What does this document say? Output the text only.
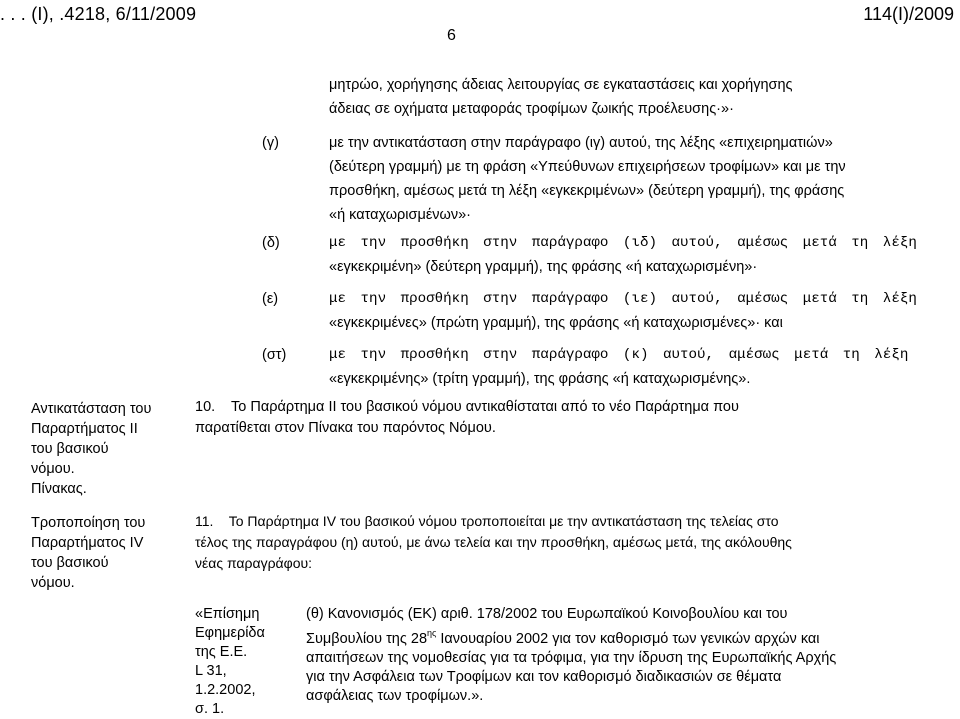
. . . (Ι), .4218, 6/11/2009	114(Ι)/2009
6
μητρώο, χορήγησης άδειας λειτουργίας σε εγκαταστάσεις και χορήγησης
άδειας σε οχήματα μεταφοράς τροφίμων ζωικής προέλευσης·»·
(γ)	με την αντικατάσταση στην παράγραφο (ιγ) αυτού, της λέξης «επιχειρηματιών»
(δεύτερη γραμμή) με τη φράση «Υπεύθυνων επιχειρήσεων τροφίμων» και με την
προσθήκη, αμέσως μετά τη λέξη «εγκεκριμένων» (δεύτερη γραμμή), της φράσης
«ή καταχωρισμένων»·
(δ)	με την προσθήκη στην παράγραφο (ιδ) αυτού, αμέσως μετά τη λέξη
«εγκεκριμένη» (δεύτερη γραμμή), της φράσης «ή καταχωρισμένη»·
(ε)	με την προσθήκη στην παράγραφο (ιε) αυτού, αμέσως μετά τη λέξη
«εγκεκριμένες» (πρώτη γραμμή), της φράσης «ή καταχωρισμένες»· και
(στ)	με την προσθήκη στην παράγραφο (κ) αυτού, αμέσως μετά τη λέξη
«εγκεκριμένης» (τρίτη γραμμή), της φράσης «ή καταχωρισμένης».
Αντικατάσταση του
Παραρτήματος ΙΙ
του βασικού
νόμου.
Πίνακας.
10.    Το Παράρτημα ΙΙ του βασικού νόμου αντικαθίσταται από το νέο Παράρτημα που
παρατίθεται στον Πίνακα του παρόντος Νόμου.
Τροποποίηση του
Παραρτήματος ΙV
του βασικού
νόμου.
11.    Το Παράρτημα ΙV του βασικού νόμου τροποποιείται με την αντικατάσταση της τελείας στο
τέλος της παραγράφου (η) αυτού, με άνω τελεία και την προσθήκη, αμέσως μετά, της ακόλουθης
νέας παραγράφου:
«Επίσημη
Εφημερίδα
της Ε.Ε.
L 31,
1.2.2002,
σ. 1.
(θ) Κανονισμός (ΕΚ) αριθ. 178/2002 του Ευρωπαϊκού Κοινοβουλίου και του
Συμβουλίου της $28^{\eta\varsigma}$ Ιανουαρίου 2002 για τον καθορισμό των γενικών αρχών και
απαιτήσεων της νομοθεσίας για τα τρόφιμα, για την ίδρυση της Ευρωπαϊκής Αρχής
για την Ασφάλεια των Τροφίμων και τον καθορισμό διαδικασιών σε θέματα
ασφάλειας των τροφίμων.».
